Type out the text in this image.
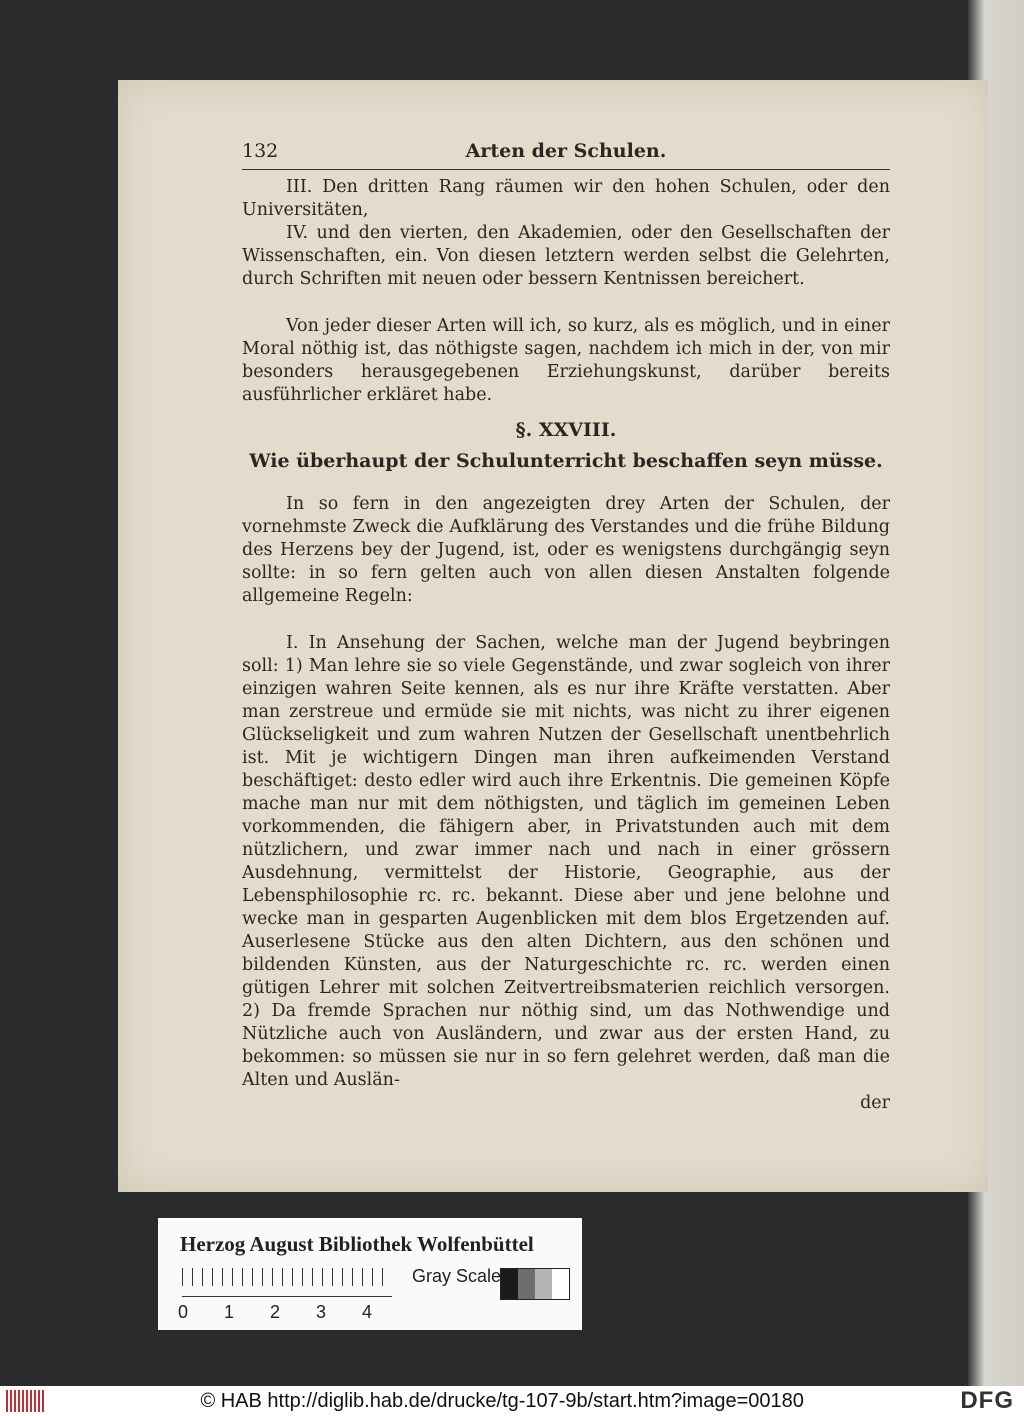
132	Arten der Schulen.

III. Den dritten Rang räumen wir den hohen Schulen, oder den Universitäten,

IV. und den vierten, den Akademien, oder den Gesellschaften der Wissenschaften, ein. Von diesen letztern werden selbst die Gelehrten, durch Schriften mit neuen oder bessern Kentnissen bereichert.

Von jeder dieser Arten will ich, so kurz, als es möglich, und in einer Moral nöthig ist, das nöthigste sagen, nachdem ich mich in der, von mir besonders herausgegebenen Erziehungskunst, darüber bereits ausführlicher erkläret habe.

§. XXVIII.
Wie überhaupt der Schulunterricht beschaffen seyn müsse.

In so fern in den angezeigten drey Arten der Schulen, der vornehmste Zweck die Aufklärung des Verstandes und die frühe Bildung des Herzens bey der Jugend, ist, oder es wenigstens durchgängig seyn sollte: in so fern gelten auch von allen diesen Anstalten folgende allgemeine Regeln:

I. In Ansehung der Sachen, welche man der Jugend beybringen soll: 1) Man lehre sie so viele Gegenstände, und zwar sogleich von ihrer einzigen wahren Seite kennen, als es nur ihre Kräfte verstatten. Aber man zerstreue und ermüde sie mit nichts, was nicht zu ihrer eigenen Glückseligkeit und zum wahren Nutzen der Gesellschaft unentbehrlich ist. Mit je wichtigern Dingen man ihren aufkeimenden Verstand beschäftiget: desto edler wird auch ihre Erkentnis. Die gemeinen Köpfe mache man nur mit dem nöthigsten, und täglich im gemeinen Leben vorkommenden, die fähigern aber, in Privatstunden auch mit dem nützlichern, und zwar immer nach und nach in einer grössern Ausdehnung, vermittelst der Historie, Geographie, aus der Lebensphilosophie rc. rc. bekannt. Diese aber und jene belohne und wecke man in gesparten Augenblicken mit dem blos Ergetzenden auf. Auserlesene Stücke aus den alten Dichtern, aus den schönen und bildenden Künsten, aus der Naturgeschichte rc. rc. werden einen gütigen Lehrer mit solchen Zeitvertreibsmaterien reichlich versorgen. 2) Da fremde Sprachen nur nöthig sind, um das Nothwendige und Nützliche auch von Ausländern, und zwar aus der ersten Hand, zu bekommen: so müssen sie nur in so fern gelehret werden, daß man die Alten und Auslän-

der
Herzog August Bibliothek Wolfenbüttel
0	1	2	3	4
Gray Scale
© HAB http://diglib.hab.de/drucke/tg-107-9b/start.htm?image=00180	DFG
